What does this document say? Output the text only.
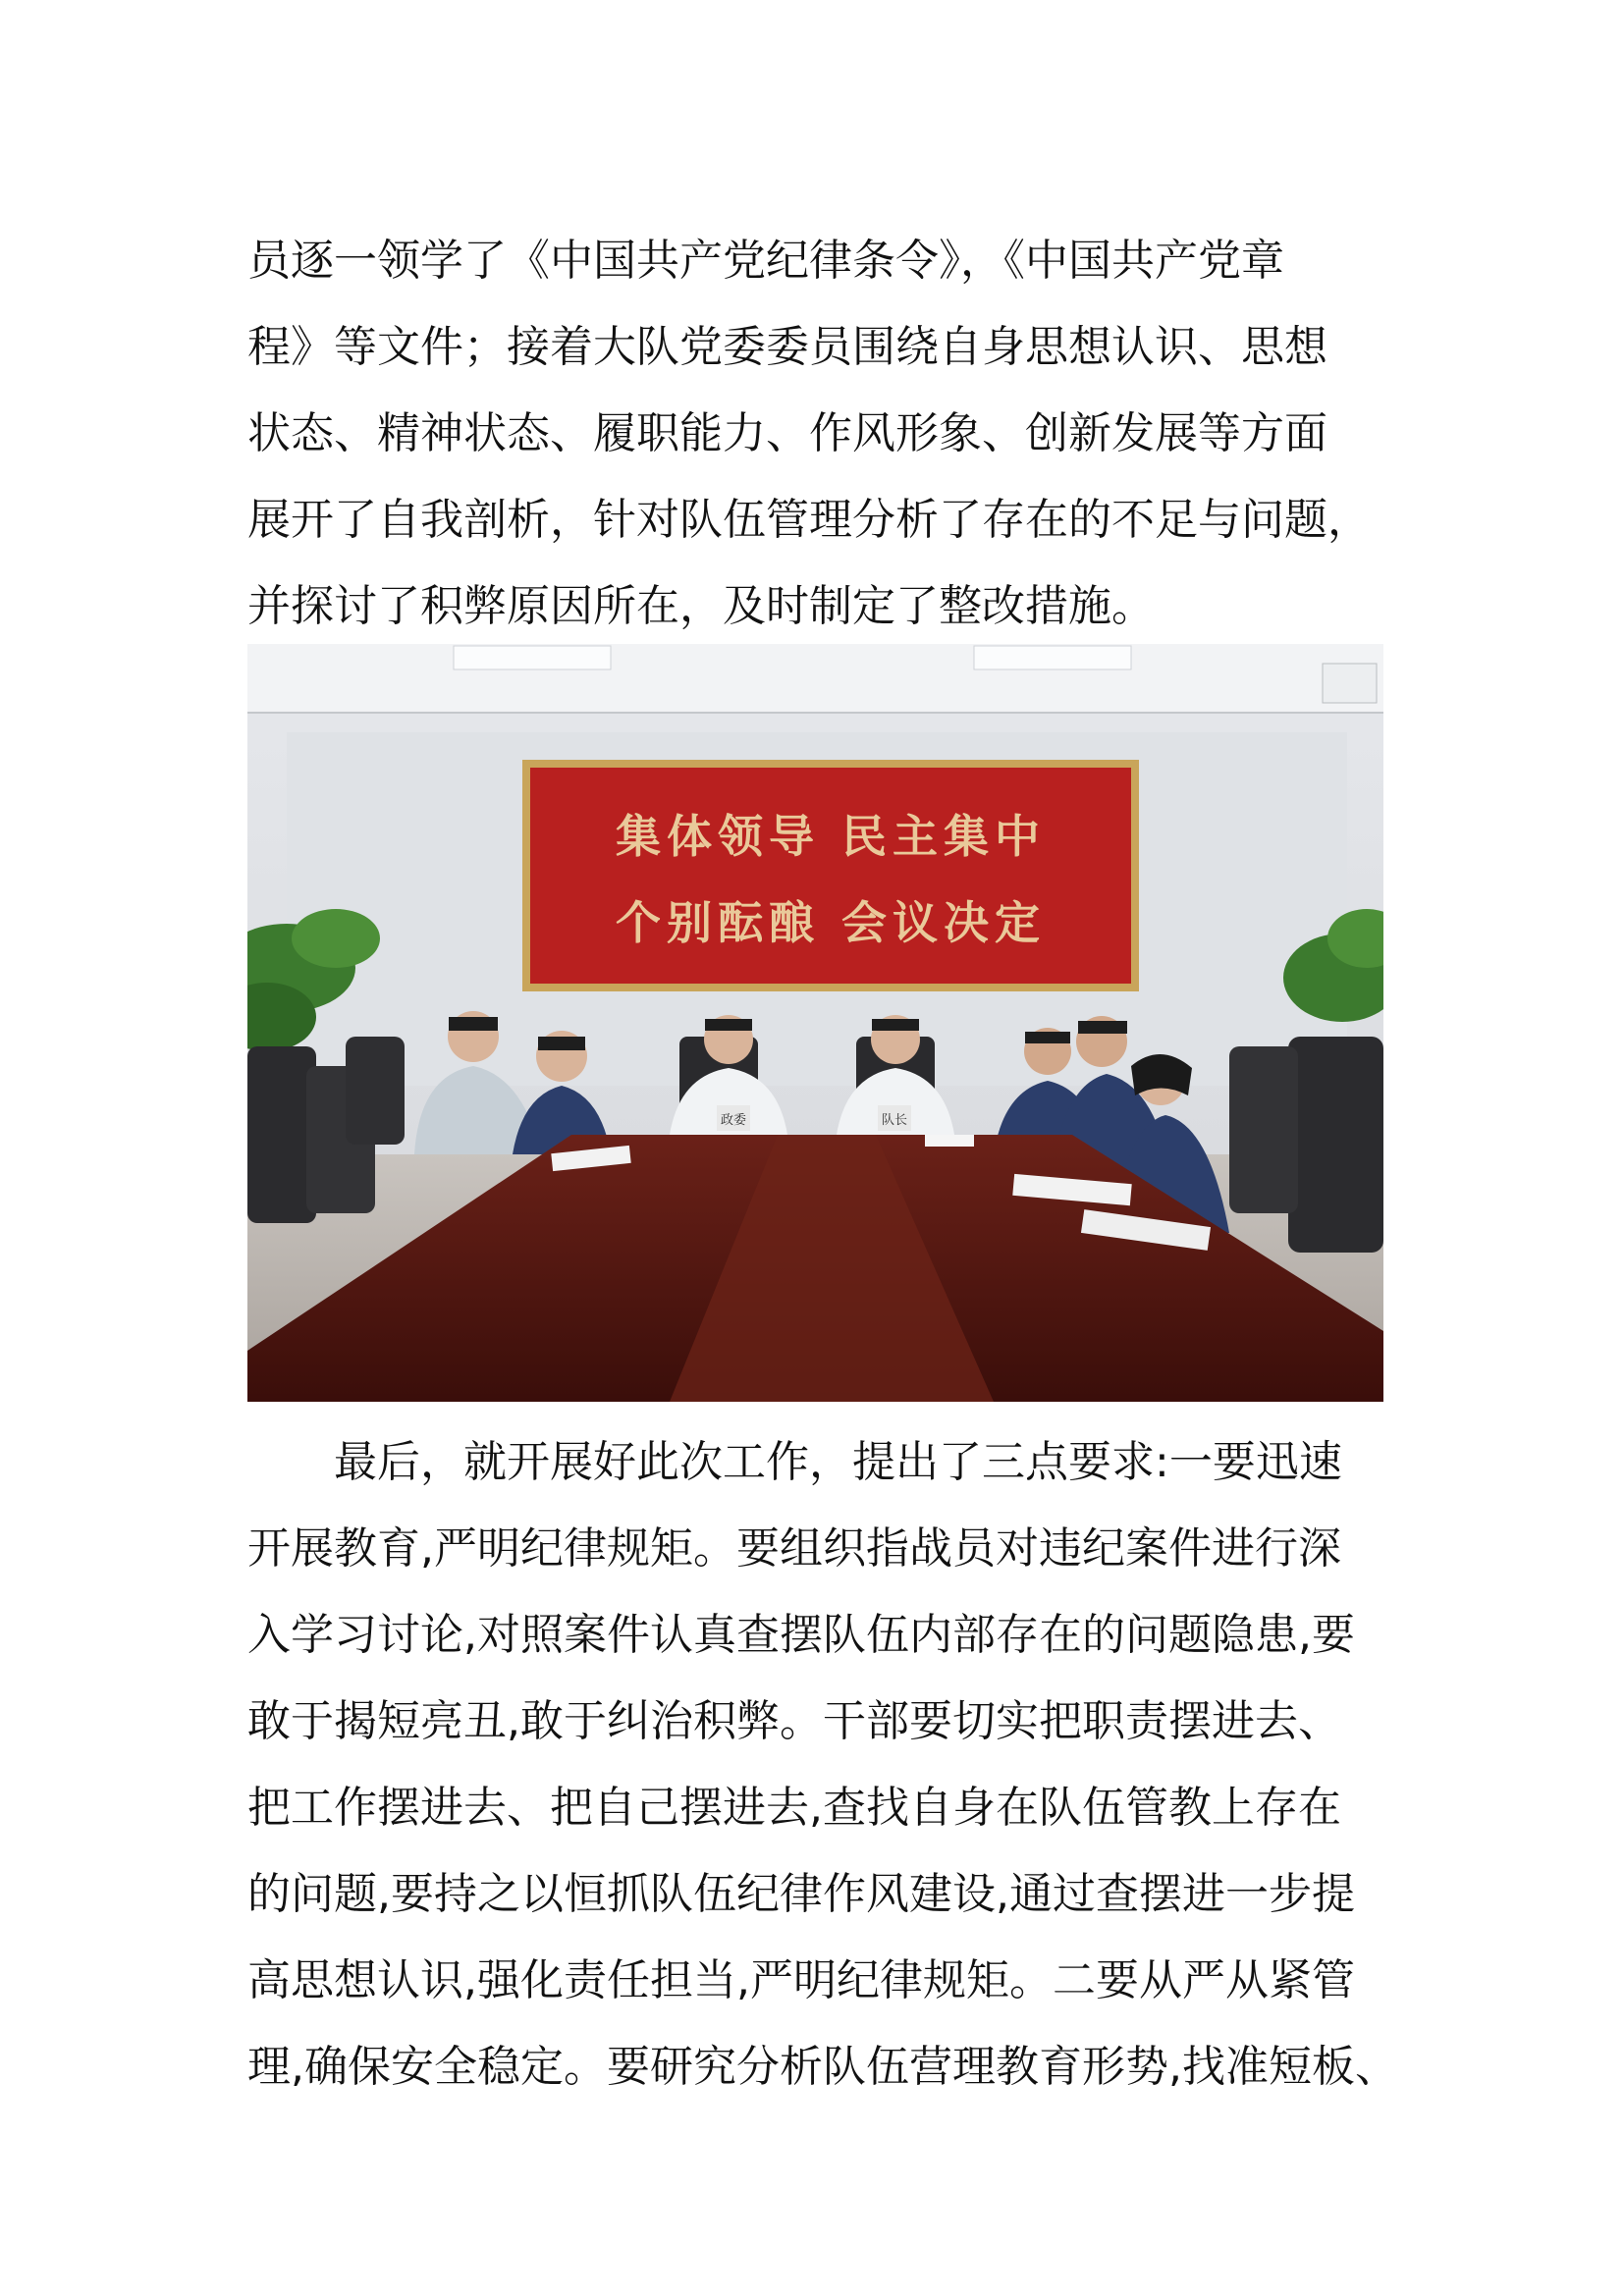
员逐一领学了《中国共产党纪律条令》，《中国共产党章
程》等文件；接着大队党委委员围绕自身思想认识、思想
状态、精神状态、履职能力、作风形象、创新发展等方面
展开了自我剖析，针对队伍管理分析了存在的不足与问题，
并探讨了积弊原因所在，及时制定了整改措施。

集体领导 民主集中
个别酝酿 会议决定
政委	队长

　　最后，就开展好此次工作，提出了三点要求:一要迅速
开展教育,严明纪律规矩。要组织指战员对违纪案件进行深
入学习讨论,对照案件认真查摆队伍内部存在的问题隐患,要
敢于揭短亮丑,敢于纠治积弊。干部要切实把职责摆进去、
把工作摆进去、把自己摆进去,查找自身在队伍管教上存在
的问题,要持之以恒抓队伍纪律作风建设,通过查摆进一步提
高思想认识,强化责任担当,严明纪律规矩。二要从严从紧管
理,确保安全稳定。要研究分析队伍营理教育形势,找准短板、
